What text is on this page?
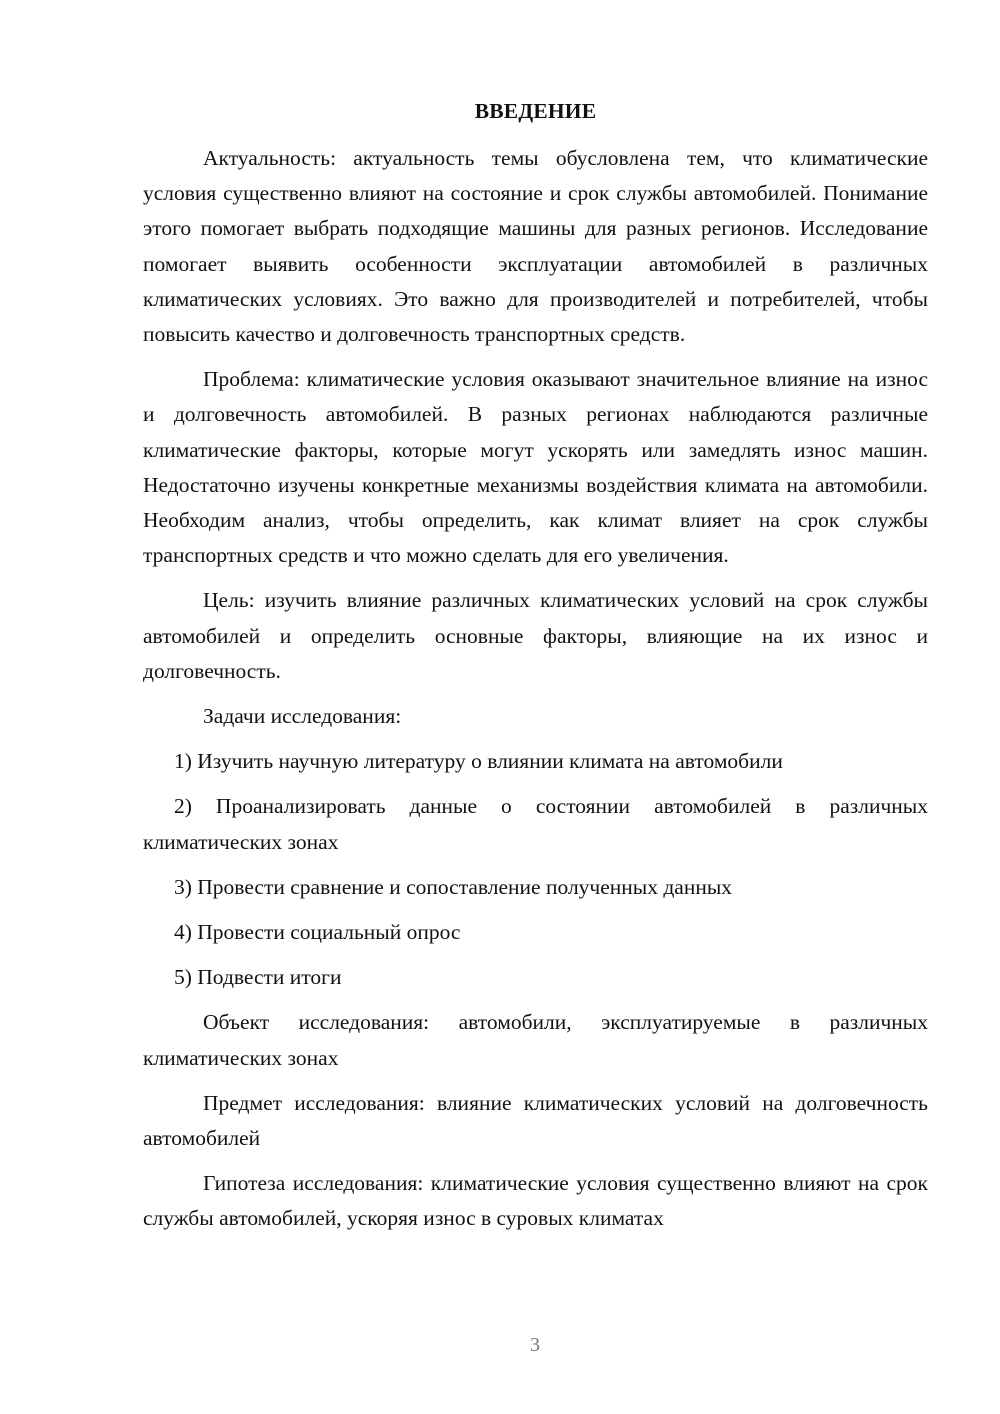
ВВЕДЕНИЕ

Актуальность: актуальность темы обусловлена тем, что климатические условия существенно влияют на состояние и срок службы автомобилей. Понимание этого помогает выбрать подходящие машины для разных регионов. Исследование помогает выявить особенности эксплуатации автомобилей в различных климатических условиях. Это важно для производителей и потребителей, чтобы повысить качество и долговечность транспортных средств.

Проблема: климатические условия оказывают значительное влияние на износ и долговечность автомобилей. В разных регионах наблюдаются различные климатические факторы, которые могут ускорять или замедлять износ машин. Недостаточно изучены конкретные механизмы воздействия климата на автомобили. Необходим анализ, чтобы определить, как климат влияет на срок службы транспортных средств и что можно сделать для его увеличения.

Цель: изучить влияние различных климатических условий на срок службы автомобилей и определить основные факторы, влияющие на их износ и долговечность.

Задачи исследования:

1) Изучить научную литературу о влиянии климата на автомобили

2) Проанализировать данные о состоянии автомобилей в различных климатических зонах

3) Провести сравнение и сопоставление полученных данных

4) Провести социальный опрос

5) Подвести итоги

Объект исследования: автомобили, эксплуатируемые в различных климатических зонах

Предмет исследования: влияние климатических условий на долговечность автомобилей

Гипотеза исследования: климатические условия существенно влияют на срок службы автомобилей, ускоряя износ в суровых климатах

3
